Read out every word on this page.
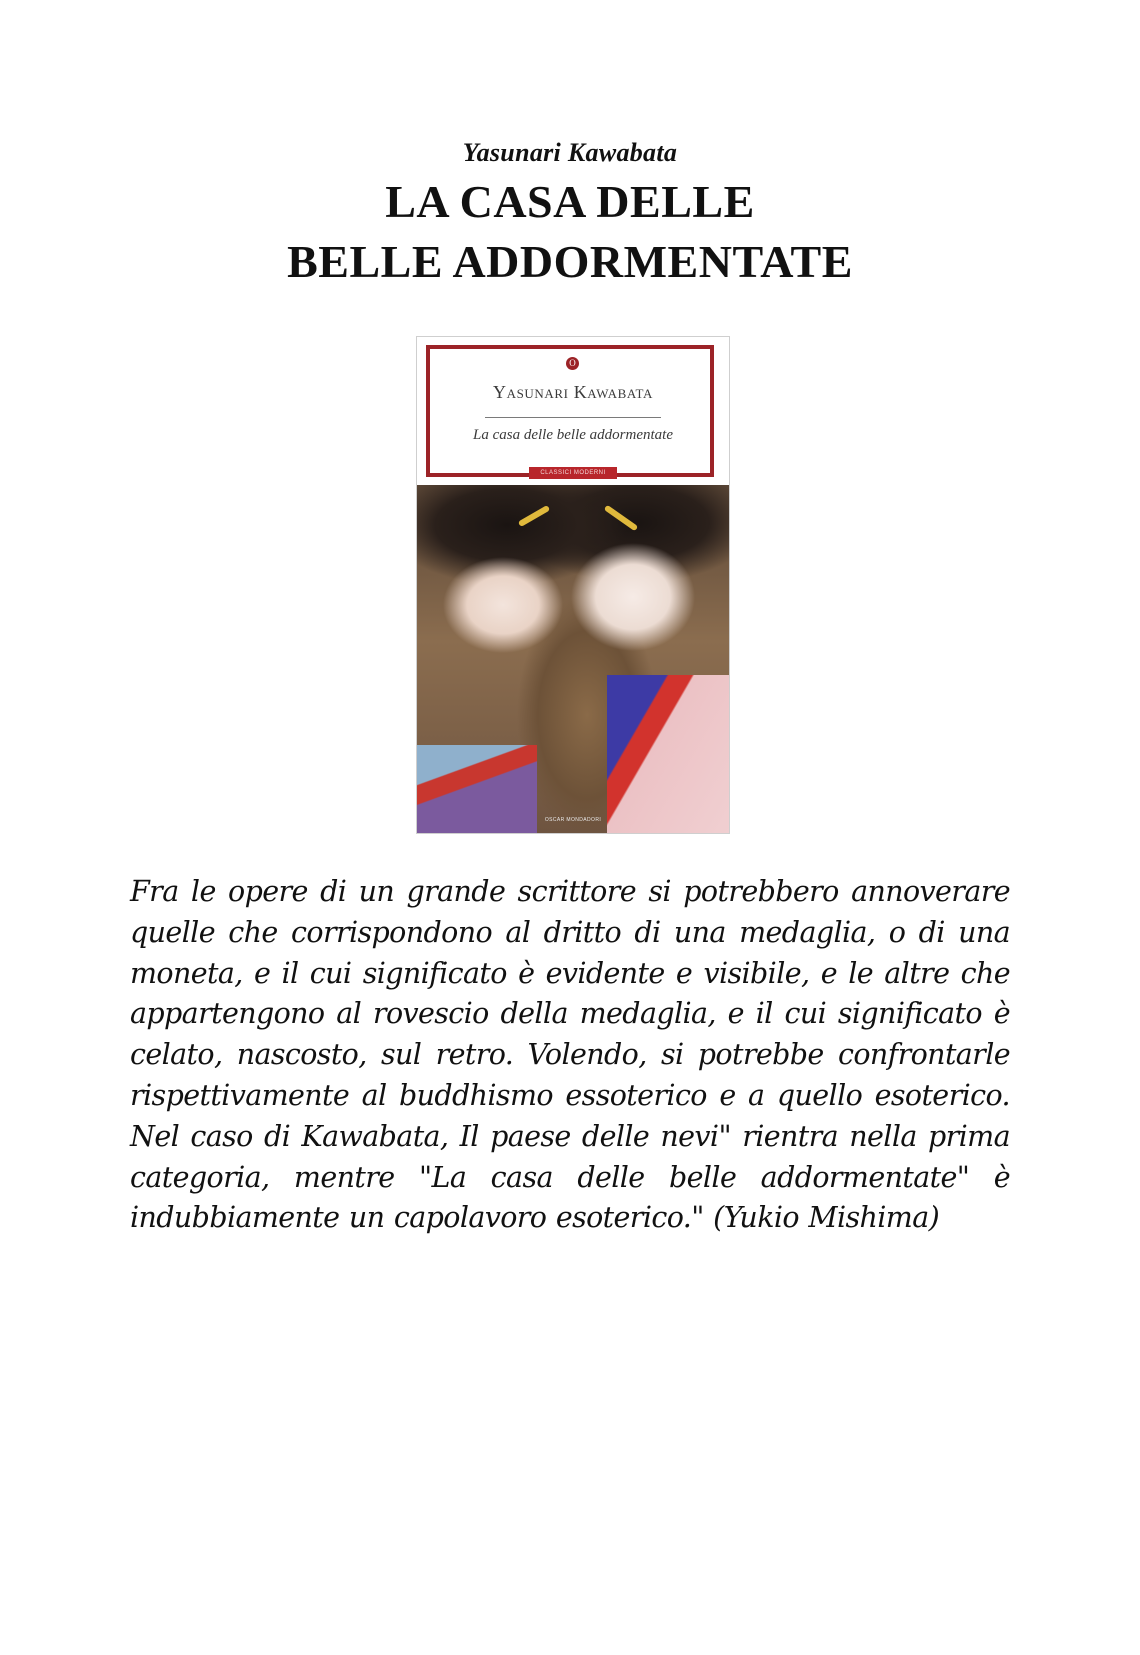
Yasunari Kawabata
LA CASA DELLE
BELLE ADDORMENTATE
O
Yasunari Kawabata
La casa delle belle addormentate
CLASSICI MODERNI
OSCAR MONDADORI
Fra le opere di un grande scrittore si potrebbero annoverare
quelle che corrispondono al dritto di una medaglia, o di una
moneta, e il cui significato è evidente e visibile, e le altre che
appartengono al rovescio della medaglia, e il cui significato è
celato, nascosto, sul retro. Volendo, si potrebbe confrontarle
rispettivamente al buddhismo essoterico e a quello esoterico.
Nel caso di Kawabata, Il paese delle nevi" rientra nella prima
categoria, mentre "La casa delle belle addormentate" è
indubbiamente un capolavoro esoterico." (Yukio Mishima)
